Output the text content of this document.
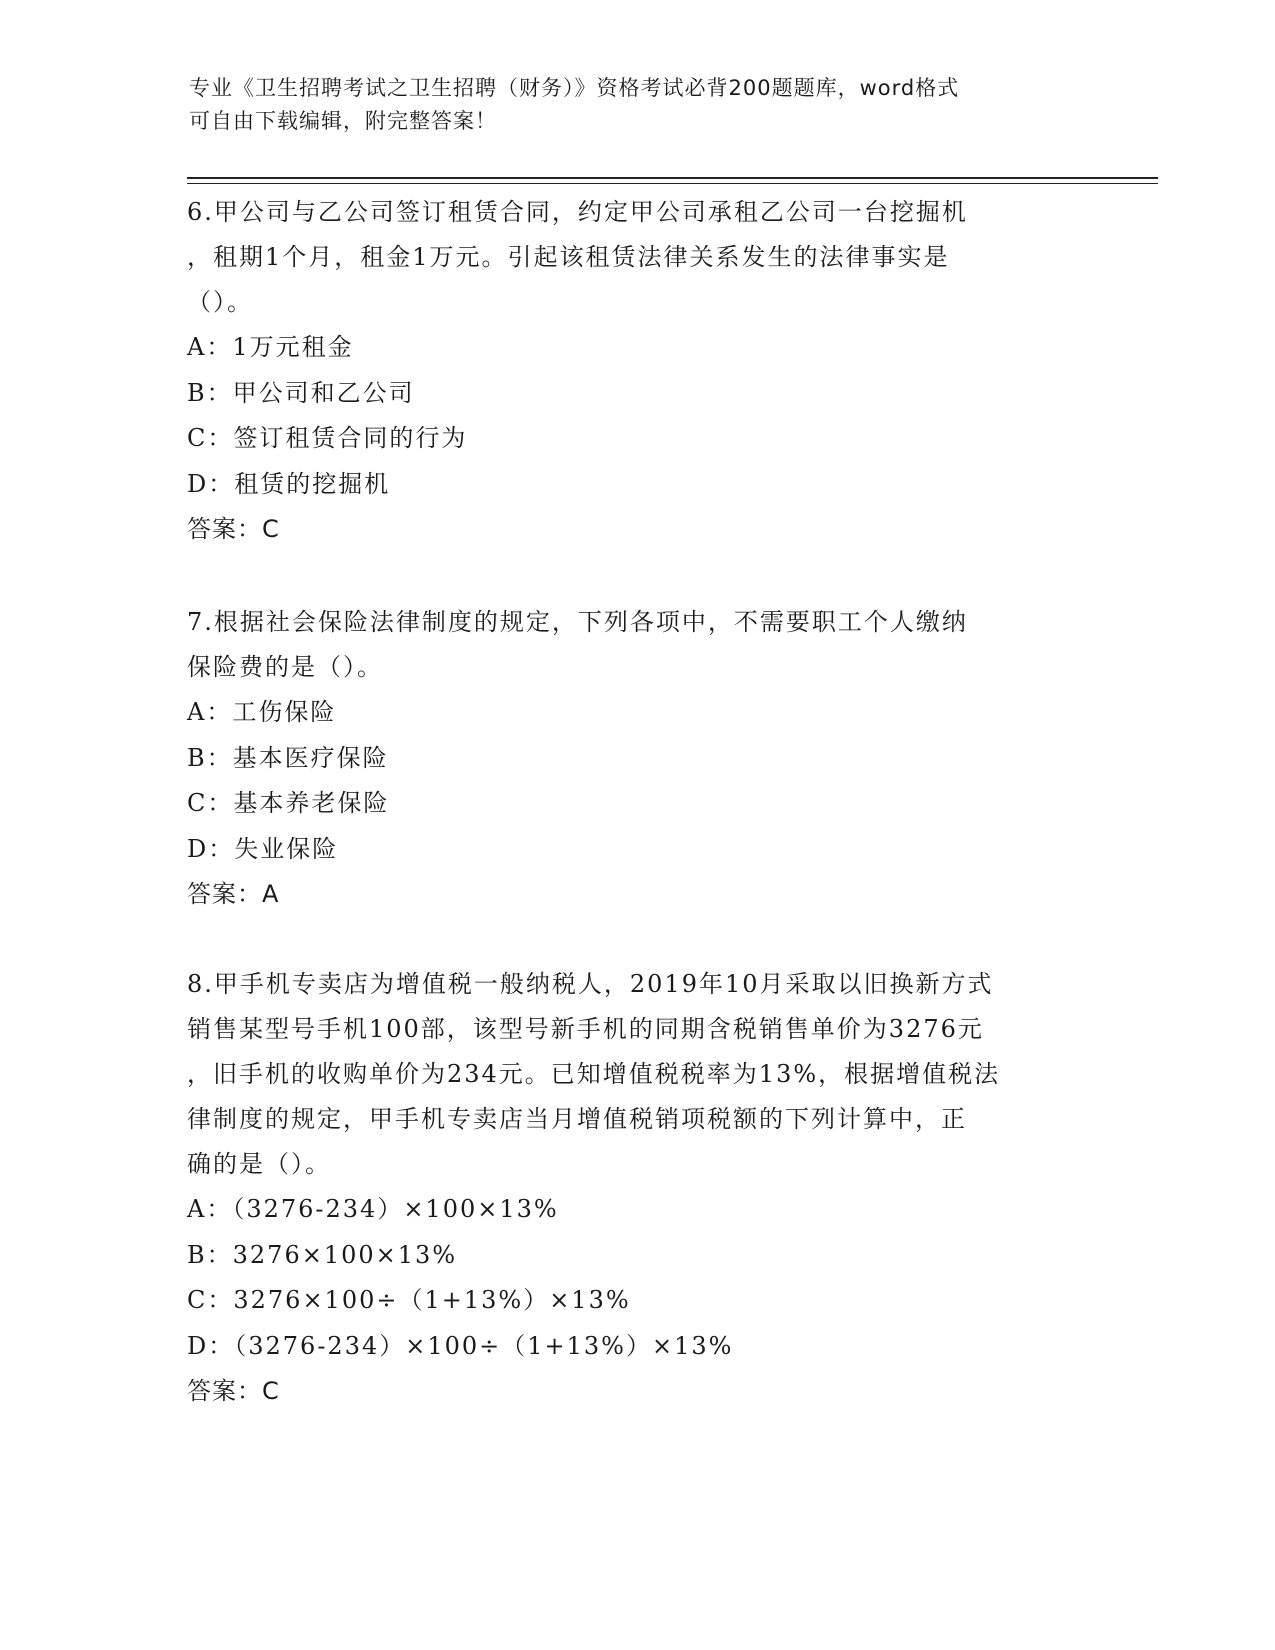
专业《卫生招聘考试之卫生招聘（财务）》资格考试必背200题题库，word格式
可自由下载编辑，附完整答案！

6.甲公司与乙公司签订租赁合同，约定甲公司承租乙公司一台挖掘机
，租期1个月，租金1万元。引起该租赁法律关系发生的法律事实是
（）。

A：1万元租金

B：甲公司和乙公司

C：签订租赁合同的行为

D：租赁的挖掘机

答案：C

7.根据社会保险法律制度的规定，下列各项中，不需要职工个人缴纳
保险费的是（）。

A：工伤保险

B：基本医疗保险

C：基本养老保险

D：失业保险

答案：A

8.甲手机专卖店为增值税一般纳税人，2019年10月采取以旧换新方式
销售某型号手机100部，该型号新手机的同期含税销售单价为3276元
，旧手机的收购单价为234元。已知增值税税率为13%，根据增值税法
律制度的规定，甲手机专卖店当月增值税销项税额的下列计算中，正
确的是（）。

A：（3276-234）×100×13%

B：3276×100×13%

C：3276×100÷（1+13%）×13%

D：（3276-234）×100÷（1+13%）×13%

答案：C
